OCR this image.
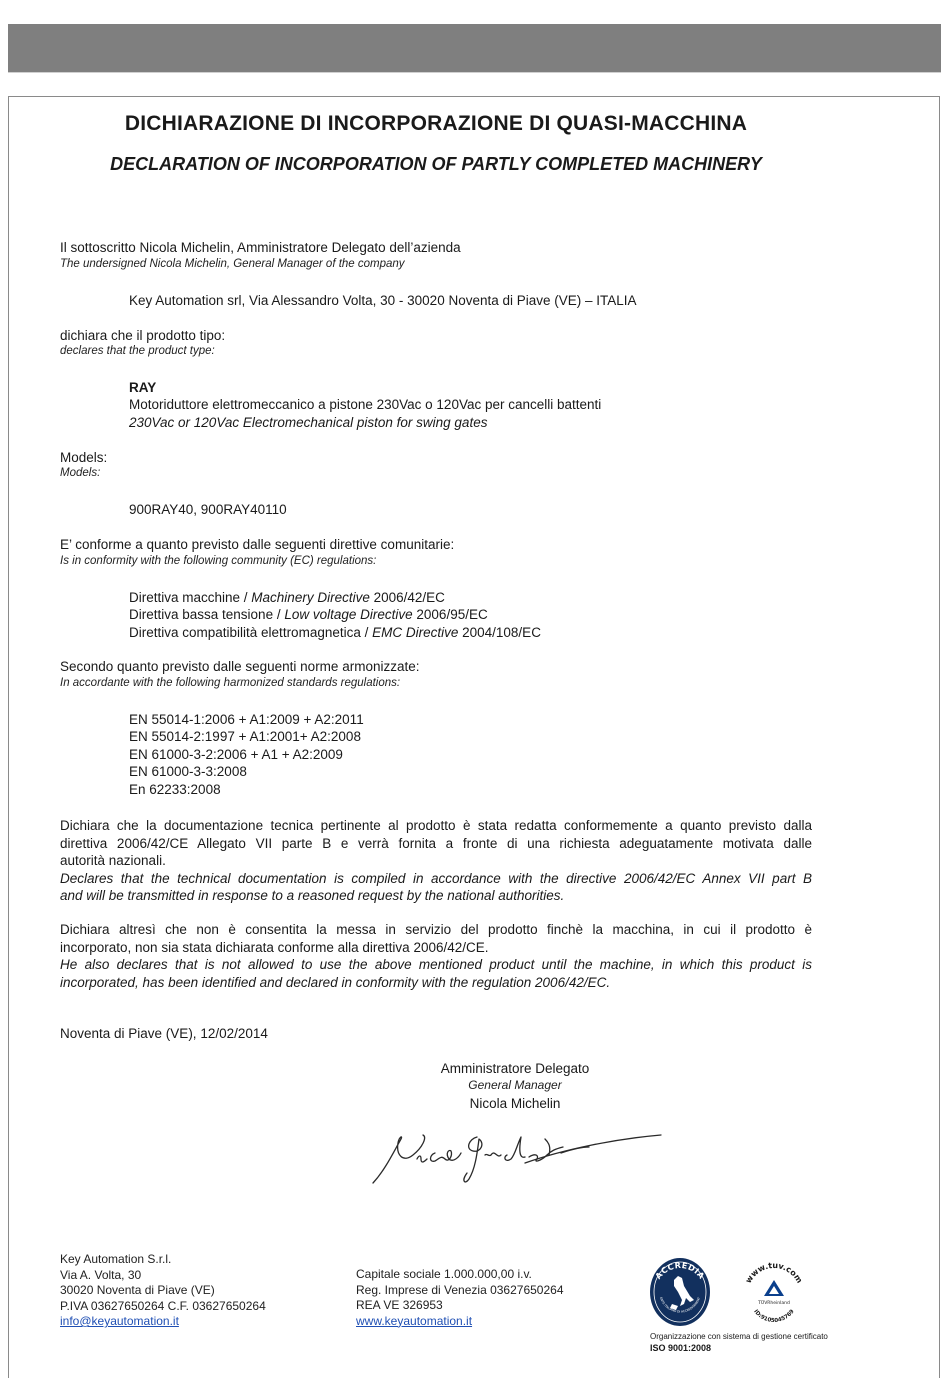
DICHIARAZIONE DI INCORPORAZIONE DI QUASI-MACCHINA
DECLARATION OF INCORPORATION OF PARTLY COMPLETED MACHINERY
Il sottoscritto Nicola Michelin, Amministratore Delegato dell’azienda
The undersigned Nicola Michelin, General Manager of the company
Key Automation srl, Via Alessandro Volta, 30 - 30020 Noventa di Piave (VE) – ITALIA
dichiara che il prodotto tipo:
declares that the product type:
RAY
Motoriduttore elettromeccanico a pistone 230Vac o 120Vac per cancelli battenti
230Vac or 120Vac Electromechanical piston for swing gates
Models:
Models:
900RAY40, 900RAY40110
E’ conforme a quanto previsto dalle seguenti direttive comunitarie:
Is in conformity with the following community (EC) regulations:
Direttiva macchine / Machinery Directive 2006/42/EC
Direttiva bassa tensione / Low voltage Directive 2006/95/EC
Direttiva compatibilità elettromagnetica / EMC Directive 2004/108/EC
Secondo quanto previsto dalle seguenti norme armonizzate:
In accordante with the following harmonized standards regulations:
EN 55014-1:2006 + A1:2009 + A2:2011
EN 55014-2:1997 + A1:2001+ A2:2008
EN 61000-3-2:2006 + A1 + A2:2009
EN 61000-3-3:2008
En 62233:2008
Dichiara che la documentazione tecnica pertinente al prodotto è stata redatta conformemente a quanto previsto dalla
direttiva 2006/42/CE Allegato VII parte B e verrà fornita a fronte di una richiesta adeguatamente motivata dalle
autorità nazionali.
Declares that the technical documentation is compiled in accordance with the directive 2006/42/EC Annex VII part B
and will be transmitted in response to a reasoned request by the national authorities.
Dichiara altresì che non è consentita la messa in servizio del prodotto finchè la macchina, in cui il prodotto è
incorporato, non sia stata dichiarata conforme alla direttiva 2006/42/CE.
He also declares that is not allowed to use the above mentioned product until the machine, in which this product is
incorporated, has been identified and declared in conformity with the regulation 2006/42/EC.
Noventa di Piave (VE), 12/02/2014
Amministratore Delegato
General Manager
Nicola Michelin
Nicola Michelin
Key Automation S.r.l.
Via A. Volta, 30
30020 Noventa di Piave (VE)
P.IVA 03627650264 C.F. 03627650264
info@keyautomation.it
Capitale sociale 1.000.000,00 i.v.
Reg. Imprese di Venezia 03627650264
REA VE 326953
www.keyautomation.it
ACCREDIA
ENTE ITALIANO DI ACCREDITAMENT
www.tuv.com
ID:9105045769
TÜVRheinland
Organizzazione con sistema di gestione certificato
ISO 9001:2008
